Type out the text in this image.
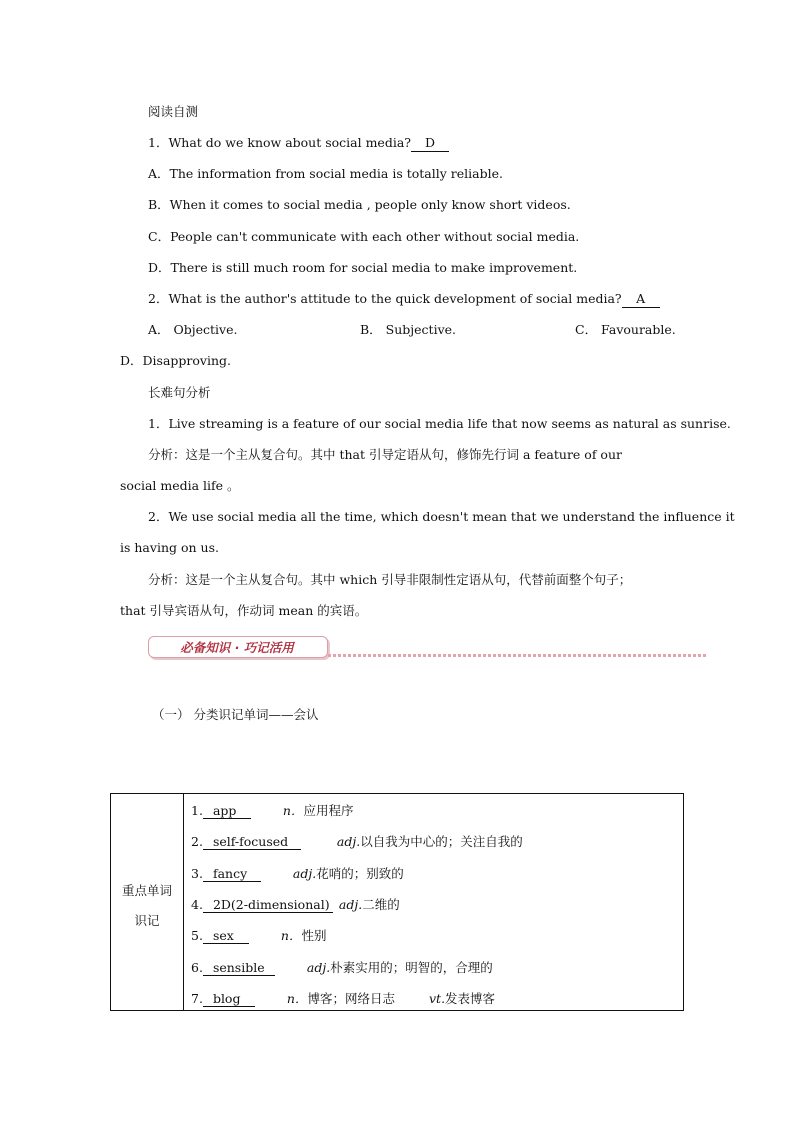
阅读自测
1．What do we know about social media? D
A．The information from social media is totally reliable.
B．When it comes to social media , people only know short videos.
C．People can't communicate with each other without social media.
D．There is still much room for social media to make improvement.
2．What is the author's attitude to the quick development of social media? A
A． Objective.	B． Subjective.	C． Favourable.
D．Disapproving.
长难句分析
1．Live streaming is a feature of our social media life that now seems as natural as sunrise.
分析：这是一个主从复合句。其中 that 引导定语从句，修饰先行词 a feature of our
social media life 。
2．We use social media all the time, which doesn't mean that we understand the influence it
is having on us.
分析：这是一个主从复合句。其中 which 引导非限制性定语从句，代替前面整个句子；
that 引导宾语从句，作动词 mean 的宾语。
必备知识 · 巧记活用
（一） 分类识记单词——会认
重点单词识记
1. app	n．应用程序
2. self-focused	adj.以自我为中心的；关注自我的
3. fancy	adj.花哨的；别致的
4. 2D(2-dimensional) adj.二维的
5. sex	n．性别
6. sensible	adj.朴素实用的；明智的，合理的
7. blog	n．博客；网络日志	vt.发表博客
